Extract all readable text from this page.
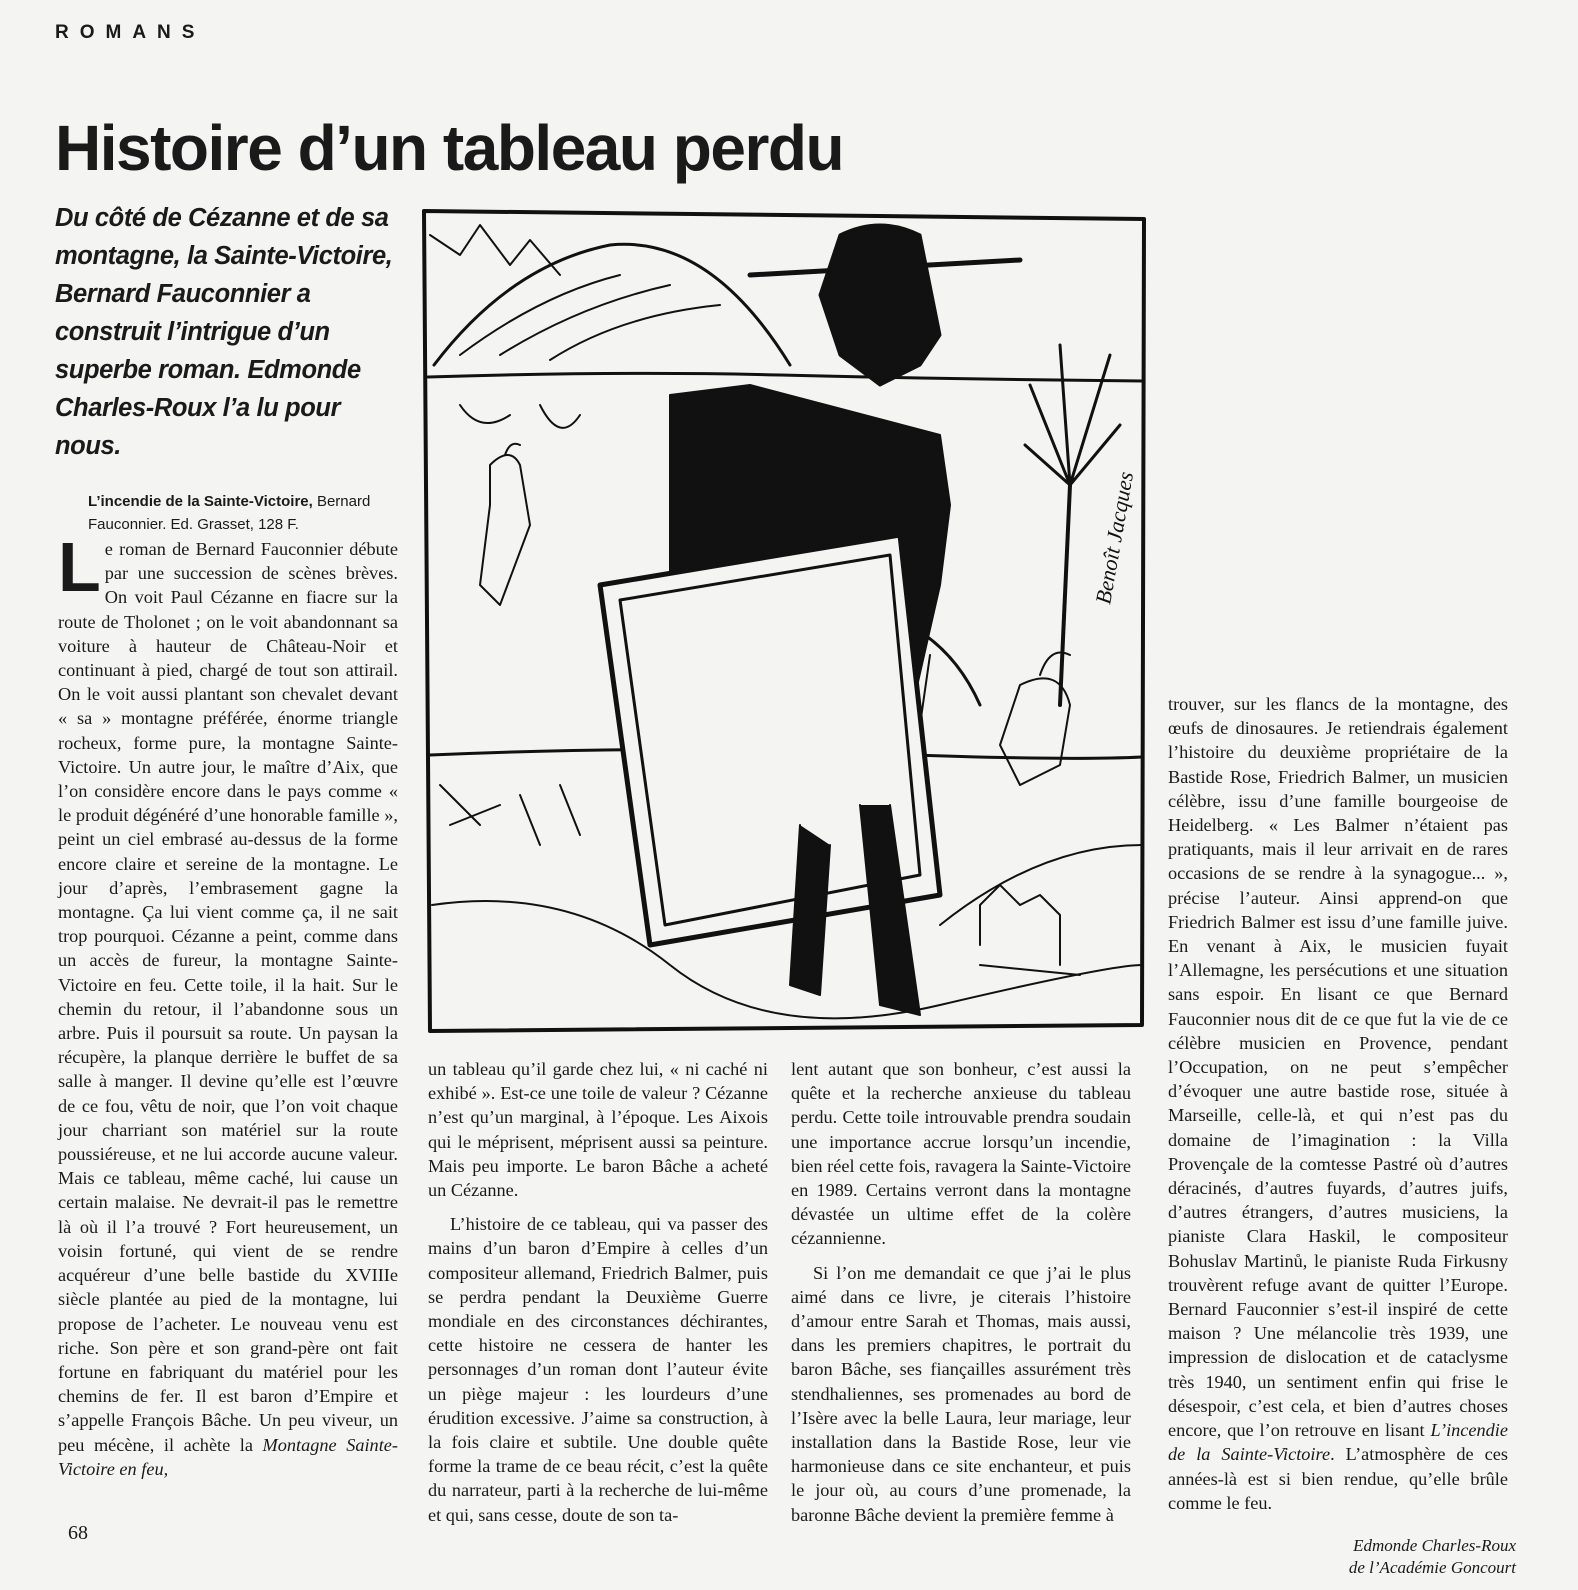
ROMANS
Histoire d’un tableau perdu

Du côté de Cézanne et de sa montagne, la Sainte-Victoire, Bernard Fauconnier a construit l’intrigue d’un superbe roman. Edmonde Charles-Roux l’a lu pour nous.

L’incendie de la Sainte-Victoire, Bernard Fauconnier. Ed. Grasset, 128 F.	Benoît Jacques

Le roman de Bernard Fauconnier débute par une succession de scènes brèves. On voit Paul Cézanne en fiacre sur la route de Tholonet ; on le voit abandonnant sa voiture à hauteur de Château-Noir et continuant à pied, chargé de tout son attirail. On le voit aussi plantant son chevalet devant « sa » montagne préférée, énorme triangle rocheux, forme pure, la montagne Sainte-Victoire. Un autre jour, le maître d’Aix, que l’on considère encore dans le pays comme « le produit dégénéré d’une honorable famille », peint un ciel embrasé au-dessus de la forme encore claire et sereine de la montagne. Le jour d’après, l’embrasement gagne la montagne. Ça lui vient comme ça, il ne sait trop pourquoi. Cézanne a peint, comme dans un accès de fureur, la montagne Sainte-Victoire en feu. Cette toile, il la hait. Sur le chemin du retour, il l’abandonne sous un arbre. Puis il poursuit sa route. Un paysan la récupère, la planque derrière le buffet de sa salle à manger. Il devine qu’elle est l’œuvre de ce fou, vêtu de noir, que l’on voit chaque jour charriant son matériel sur la route poussiéreuse, et ne lui accorde aucune valeur. Mais ce tableau, même caché, lui cause un certain malaise. Ne devrait-il pas le remettre là où il l’a trouvé ? Fort heureusement, un voisin fortuné, qui vient de se rendre acquéreur d’une belle bastide du XVIIIe siècle plantée au pied de la montagne, lui propose de l’acheter. Le nouveau venu est riche. Son père et son grand-père ont fait fortune en fabriquant du matériel pour les chemins de fer. Il est baron d’Empire et s’appelle François Bâche. Un peu viveur, un peu mécène, il achète la Montagne Sainte-Victoire en feu,

un tableau qu’il garde chez lui, « ni caché ni exhibé ». Est-ce une toile de valeur ? Cézanne n’est qu’un marginal, à l’époque. Les Aixois qui le méprisent, méprisent aussi sa peinture. Mais peu importe. Le baron Bâche a acheté un Cézanne.

L’histoire de ce tableau, qui va passer des mains d’un baron d’Empire à celles d’un compositeur allemand, Friedrich Balmer, puis se perdra pendant la Deuxième Guerre mondiale en des circonstances déchirantes, cette histoire ne cessera de hanter les personnages d’un roman dont l’auteur évite un piège majeur : les lourdeurs d’une érudition excessive. J’aime sa construction, à la fois claire et subtile. Une double quête forme la trame de ce beau récit, c’est la quête du narrateur, parti à la recherche de lui-même et qui, sans cesse, doute de son ta-

lent autant que son bonheur, c’est aussi la quête et la recherche anxieuse du tableau perdu. Cette toile introuvable prendra soudain une importance accrue lorsqu’un incendie, bien réel cette fois, ravagera la Sainte-Victoire en 1989. Certains verront dans la montagne dévastée un ultime effet de la colère cézannienne.

Si l’on me demandait ce que j’ai le plus aimé dans ce livre, je citerais l’histoire d’amour entre Sarah et Thomas, mais aussi, dans les premiers chapitres, le portrait du baron Bâche, ses fiançailles assurément très stendhaliennes, ses promenades au bord de l’Isère avec la belle Laura, leur mariage, leur installation dans la Bastide Rose, leur vie harmonieuse dans ce site enchanteur, et puis le jour où, au cours d’une promenade, la baronne Bâche devient la première femme à

trouver, sur les flancs de la montagne, des œufs de dinosaures. Je retiendrais également l’histoire du deuxième propriétaire de la Bastide Rose, Friedrich Balmer, un musicien célèbre, issu d’une famille bourgeoise de Heidelberg. « Les Balmer n’étaient pas pratiquants, mais il leur arrivait en de rares occasions de se rendre à la synagogue... », précise l’auteur. Ainsi apprend-on que Friedrich Balmer est issu d’une famille juive. En venant à Aix, le musicien fuyait l’Allemagne, les persécutions et une situation sans espoir. En lisant ce que Bernard Fauconnier nous dit de ce que fut la vie de ce célèbre musicien en Provence, pendant l’Occupation, on ne peut s’empêcher d’évoquer une autre bastide rose, située à Marseille, celle-là, et qui n’est pas du domaine de l’imagination : la Villa Provençale de la comtesse Pastré où d’autres déracinés, d’autres fuyards, d’autres juifs, d’autres étrangers, d’autres musiciens, la pianiste Clara Haskil, le compositeur Bohuslav Martinů, le pianiste Ruda Firkusny trouvèrent refuge avant de quitter l’Europe. Bernard Fauconnier s’est-il inspiré de cette maison ? Une mélancolie très 1939, une impression de dislocation et de cataclysme très 1940, un sentiment enfin qui frise le désespoir, c’est cela, et bien d’autres choses encore, que l’on retrouve en lisant L’incendie de la Sainte-Victoire. L’atmosphère de ces années-là est si bien rendue, qu’elle brûle comme le feu.

Edmonde Charles-Roux
de l’Académie Goncourt
68
